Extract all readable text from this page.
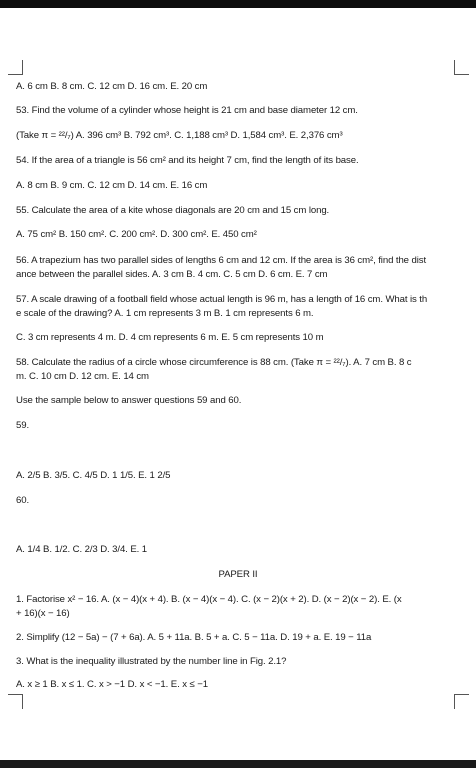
A. 6 cm B. 8 cm. C. 12 cm D. 16 cm. E. 20 cm
53. Find the volume of a cylinder whose height is 21 cm and base diameter 12 cm.
(Take π = ²²/₇) A. 396 cm³ B. 792 cm³. C. 1,188 cm³ D. 1,584 cm³. E. 2,376 cm³
54. If the area of a triangle is 56 cm² and its height 7 cm, find the length of its base.
A. 8 cm B. 9 cm. C. 12 cm D. 14 cm. E. 16 cm
55. Calculate the area of a kite whose diagonals are 20 cm and 15 cm long.
A. 75 cm² B. 150 cm². C. 200 cm². D. 300 cm². E. 450 cm²
56. A trapezium has two parallel sides of lengths 6 cm and 12 cm. If the area is 36 cm², find the dist
ance between the parallel sides. A. 3 cm B. 4 cm. C. 5 cm D. 6 cm. E. 7 cm
57. A scale drawing of a football field whose actual length is 96 m, has a length of 16 cm. What is th
e scale of the drawing? A. 1 cm represents 3 m B. 1 cm represents 6 m.
C. 3 cm represents 4 m. D. 4 cm represents 6 m. E. 5 cm represents 10 m
58. Calculate the radius of a circle whose circumference is 88 cm. (Take π = ²²/₇). A. 7 cm B. 8 c
m. C. 10 cm D. 12 cm. E. 14 cm
Use the sample below to answer questions 59 and 60.
59.
A. 2/5 B. 3/5. C. 4/5 D. 1 1/5. E. 1 2/5
60.
A. 1/4 B. 1/2. C. 2/3 D. 3/4. E. 1
PAPER II
1. Factorise x² − 16. A. (x − 4)(x + 4). B. (x − 4)(x − 4). C. (x − 2)(x + 2). D. (x − 2)(x − 2). E. (x
+ 16)(x − 16)
2. Simplify (12 − 5a) − (7 + 6a). A. 5 + 11a. B. 5 + a. C. 5 − 11a. D. 19 + a. E. 19 − 11a
3. What is the inequality illustrated by the number line in Fig. 2.1?
A. x ≥ 1 B. x ≤ 1. C. x > −1 D. x < −1. E. x ≤ −1
